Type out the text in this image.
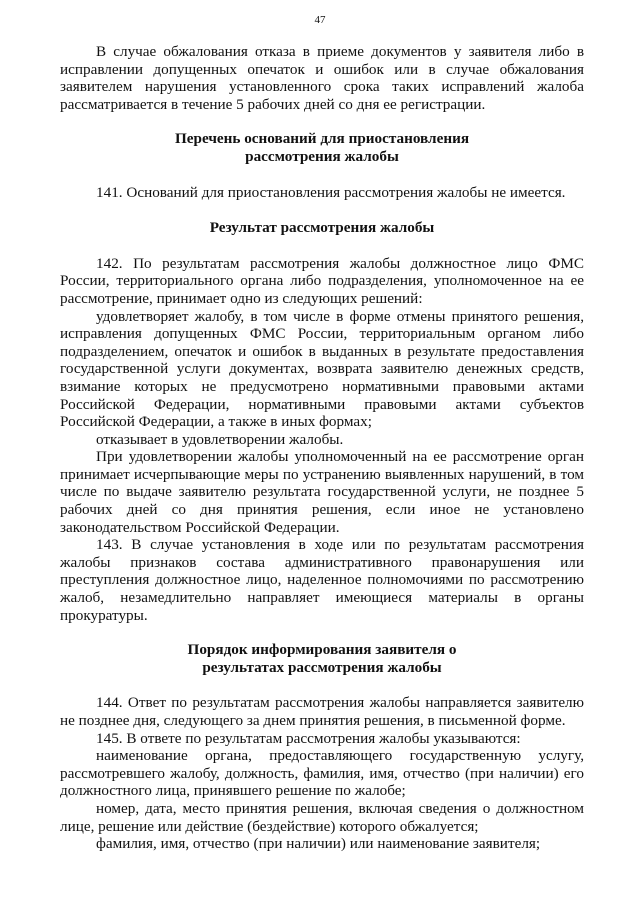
47

В случае обжалования отказа в приеме документов у заявителя либо в исправлении допущенных опечаток и ошибок или в случае обжалования заявителем нарушения установленного срока таких исправлений жалоба рассматривается в течение 5 рабочих дней со дня ее регистрации.

Перечень оснований для приостановления
рассмотрения жалобы

141. Оснований для приостановления рассмотрения жалобы не имеется.

Результат рассмотрения жалобы

142. По результатам рассмотрения жалобы должностное лицо ФМС России, территориального органа либо подразделения, уполномоченное на ее рассмотрение, принимает одно из следующих решений:

удовлетворяет жалобу, в том числе в форме отмены принятого решения, исправления допущенных ФМС России, территориальным органом либо подразделением, опечаток и ошибок в выданных в результате предоставления государственной услуги документах, возврата заявителю денежных средств, взимание которых не предусмотрено нормативными правовыми актами Российской Федерации, нормативными правовыми актами субъектов Российской Федерации, а также в иных формах;

отказывает в удовлетворении жалобы.

При удовлетворении жалобы уполномоченный на ее рассмотрение орган принимает исчерпывающие меры по устранению выявленных нарушений, в том числе по выдаче заявителю результата государственной услуги, не позднее 5 рабочих дней со дня принятия решения, если иное не установлено законодательством Российской Федерации.

143. В случае установления в ходе или по результатам рассмотрения жалобы признаков состава административного правонарушения или преступления должностное лицо, наделенное полномочиями по рассмотрению жалоб, незамедлительно направляет имеющиеся материалы в органы прокуратуры.

Порядок информирования заявителя о
результатах рассмотрения жалобы

144. Ответ по результатам рассмотрения жалобы направляется заявителю не позднее дня, следующего за днем принятия решения, в письменной форме.

145. В ответе по результатам рассмотрения жалобы указываются:

наименование органа, предоставляющего государственную услугу, рассмотревшего жалобу, должность, фамилия, имя, отчество (при наличии) его должностного лица, принявшего решение по жалобе;

номер, дата, место принятия решения, включая сведения о должностном лице, решение или действие (бездействие) которого обжалуется;

фамилия, имя, отчество (при наличии) или наименование заявителя;
